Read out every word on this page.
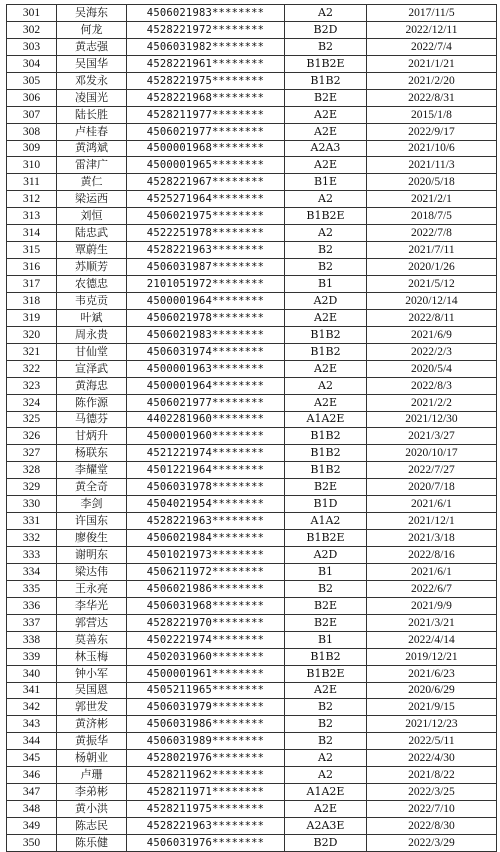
301	吴海东	4506021983********	A2	2017/11/5
302	何龙	4528221972********	B2D	2022/12/11
303	黄志强	4506031982********	B2	2022/7/4
304	吴国华	4528221961********	B1B2E	2021/1/21
305	邓发永	4528221975********	B1B2	2021/2/20
306	凌国光	4528221968********	B2E	2022/8/31
307	陆长胜	4528211977********	A2E	2015/1/8
308	卢桂春	4506021977********	A2E	2022/9/17
309	黄鸿斌	4500001968********	A2A3	2021/10/6
310	雷津广	4500001965********	A2E	2021/11/3
311	黄仁	4528221967********	B1E	2020/5/18
312	梁运西	4525271964********	A2	2021/2/1
313	刘恒	4506021975********	B1B2E	2018/7/5
314	陆忠武	4522251978********	A2	2022/7/8
315	覃蔚生	4528221963********	B2	2021/7/11
316	苏顺芳	4506031987********	B2	2020/1/26
317	农德忠	2101051972********	B1	2021/5/12
318	韦克贡	4500001964********	A2D	2020/12/14
319	叶斌	4506021978********	A2E	2022/8/11
320	周永贵	4506021983********	B1B2	2021/6/9
321	甘仙堂	4506031974********	B1B2	2022/2/3
322	宣泽武	4500001963********	A2E	2020/5/4
323	黄海忠	4500001964********	A2	2022/8/3
324	陈作源	4506021977********	A2E	2021/2/2
325	马德芬	4402281960********	A1A2E	2021/12/30
326	甘炳升	4500001960********	B1B2	2021/3/27
327	杨联东	4521221974********	B1B2	2020/10/17
328	李耀堂	4501221964********	B1B2	2022/7/27
329	黄全奇	4506031978********	B2E	2020/7/18
330	李剑	4504021954********	B1D	2021/6/1
331	许国东	4528221963********	A1A2	2021/12/1
332	廖俊生	4506021984********	B1B2E	2021/3/18
333	谢明东	4501021973********	A2D	2022/8/16
334	梁达伟	4506211972********	B1	2021/6/1
335	王永亮	4506021986********	B2	2022/6/7
336	李华光	4506031968********	B2E	2021/9/9
337	郭营达	4528221970********	B2E	2021/3/21
338	莫善东	4502221974********	B1	2022/4/14
339	林玉梅	4502031960********	B1B2	2019/12/21
340	钟小军	4500001961********	B1B2E	2021/6/23
341	吴国恩	4505211965********	A2E	2020/6/29
342	郭世发	4506031979********	B2	2021/9/15
343	黄济彬	4506031986********	B2	2021/12/23
344	黄振华	4506031989********	B2	2022/5/11
345	杨朝业	4528021976********	A2	2022/4/30
346	卢珊	4528211962********	A2	2021/8/22
347	李弟彬	4528211971********	A1A2E	2022/3/25
348	黄小洪	4528211975********	A2E	2022/7/10
349	陈志民	4528221963********	A2A3E	2022/8/30
350	陈乐健	4506031976********	B2D	2022/3/29
